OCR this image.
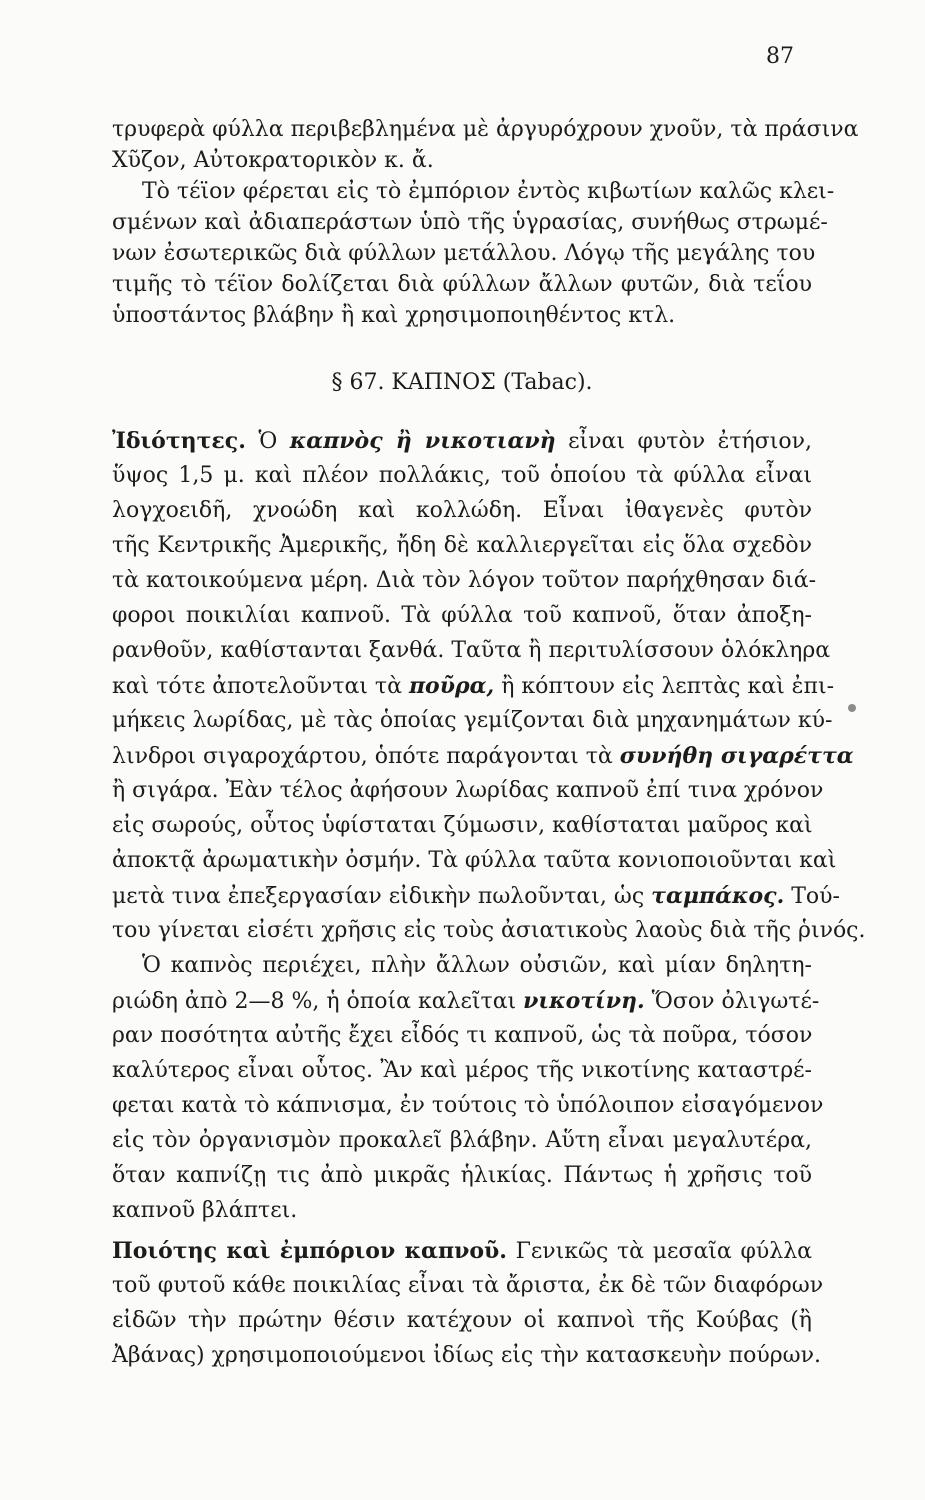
87
τρυφερὰ φύλλα περιβεβλημένα μὲ ἀργυρόχρουν χνοῦν, τὰ πράσινα
Χῦζον, Αὐτοκρατορικὸν κ. ἄ.
Τὸ τέϊον φέρεται εἰς τὸ ἐμπόριον ἐντὸς κιβωτίων καλῶς κλει-
σμένων καὶ ἀδιαπεράστων ὑπὸ τῆς ὑγρασίας, συνήθως στρωμέ-
νων ἐσωτερικῶς διὰ φύλλων μετάλλου. Λόγῳ τῆς μεγάλης του
τιμῆς τὸ τέϊον δολίζεται διὰ φύλλων ἄλλων φυτῶν, διὰ τεΐου
ὑποστάντος βλάβην ἢ καὶ χρησιμοποιηθέντος κτλ.
§ 67. ΚΑΠΝΟΣ (Tabac).
Ἰδιότητες. Ὁ καπνὸς ἢ νικοτιανὴ εἶναι φυτὸν ἐτήσιον,
ὕψος 1,5 μ. καὶ πλέον πολλάκις, τοῦ ὁποίου τὰ φύλλα εἶναι
λογχοειδῆ, χνοώδη καὶ κολλώδη. Εἶναι ἰθαγενὲς φυτὸν
τῆς Κεντρικῆς Ἀμερικῆς, ἤδη δὲ καλλιεργεῖται εἰς ὅλα σχεδὸν
τὰ κατοικούμενα μέρη. Διὰ τὸν λόγον τοῦτον παρήχθησαν διά-
φοροι ποικιλίαι καπνοῦ. Τὰ φύλλα τοῦ καπνοῦ, ὅταν ἀποξη-
ρανθοῦν, καθίστανται ξανθά. Ταῦτα ἢ περιτυλίσσουν ὁλόκληρα
καὶ τότε ἀποτελοῦνται τὰ ποῦρα, ἢ κόπτουν εἰς λεπτὰς καὶ ἐπι-
μήκεις λωρίδας, μὲ τὰς ὁποίας γεμίζονται διὰ μηχανημάτων κύ-
λινδροι σιγαροχάρτου, ὁπότε παράγονται τὰ συνήθη σιγαρέττα
ἢ σιγάρα. Ἐὰν τέλος ἀφήσουν λωρίδας καπνοῦ ἐπί τινα χρόνον
εἰς σωρούς, οὗτος ὑφίσταται ζύμωσιν, καθίσταται μαῦρος καὶ
ἀποκτᾷ ἀρωματικὴν ὀσμήν. Τὰ φύλλα ταῦτα κονιοποιοῦνται καὶ
μετὰ τινα ἐπεξεργασίαν εἰδικὴν πωλοῦνται, ὡς ταμπάκος. Τού-
του γίνεται εἰσέτι χρῆσις εἰς τοὺς ἀσιατικοὺς λαοὺς διὰ τῆς ῥινός.
Ὁ καπνὸς περιέχει, πλὴν ἄλλων οὐσιῶν, καὶ μίαν δηλητη-
ριώδη ἀπὸ 2—8 %, ἡ ὁποία καλεῖται νικοτίνη. Ὅσον ὀλιγωτέ-
ραν ποσότητα αὐτῆς ἔχει εἶδός τι καπνοῦ, ὡς τὰ ποῦρα, τόσον
καλύτερος εἶναι οὗτος. Ἂν καὶ μέρος τῆς νικοτίνης καταστρέ-
φεται κατὰ τὸ κάπνισμα, ἐν τούτοις τὸ ὑπόλοιπον εἰσαγόμενον
εἰς τὸν ὀργανισμὸν προκαλεῖ βλάβην. Αὕτη εἶναι μεγαλυτέρα,
ὅταν καπνίζῃ τις ἀπὸ μικρᾶς ἡλικίας. Πάντως ἡ χρῆσις τοῦ
καπνοῦ βλάπτει.
Ποιότης καὶ ἐμπόριον καπνοῦ. Γενικῶς τὰ μεσαῖα φύλλα
τοῦ φυτοῦ κάθε ποικιλίας εἶναι τὰ ἄριστα, ἐκ δὲ τῶν διαφόρων
εἰδῶν τὴν πρώτην θέσιν κατέχουν οἱ καπνοὶ τῆς Κούβας (ἢ
Ἀβάνας) χρησιμοποιούμενοι ἰδίως εἰς τὴν κατασκευὴν πούρων.
